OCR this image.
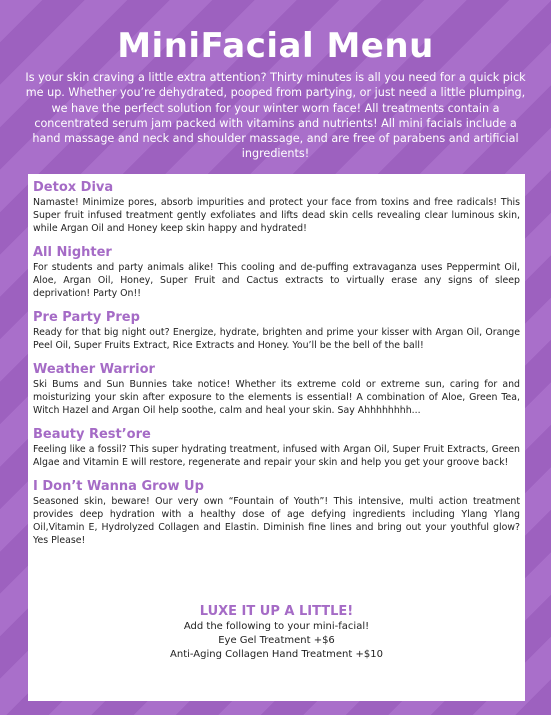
MiniFacial Menu
Is your skin craving a little extra attention? Thirty minutes is all you need for a quick pick me up. Whether you’re dehydrated, pooped from partying, or just need a little plumping, we have the perfect solution for your winter worn face! All treatments contain a concentrated serum jam packed with vitamins and nutrients! All mini facials include a hand massage and neck and shoulder massage, and are free of parabens and artificial ingredients!
Detox Diva
Namaste! Minimize pores, absorb impurities and protect your face from toxins and free radicals! This Super fruit infused treatment gently exfoliates and lifts dead skin cells revealing clear luminous skin, while Argan Oil and Honey keep skin happy and hydrated!
All Nighter
For students and party animals alike! This cooling and de-puffing extravaganza uses Peppermint Oil, Aloe, Argan Oil, Honey, Super Fruit and Cactus extracts to virtually erase any signs of sleep deprivation! Party On!!
Pre Party Prep
Ready for that big night out? Energize, hydrate, brighten and prime your kisser with Argan Oil, Orange Peel Oil, Super Fruits Extract, Rice Extracts and Honey. You’ll be the bell of the ball!
Weather Warrior
Ski Bums and Sun Bunnies take notice! Whether its extreme cold or extreme sun, caring for and moisturizing your skin after exposure to the elements is essential! A combination of Aloe, Green Tea, Witch Hazel and Argan Oil help soothe, calm and heal your skin. Say Ahhhhhhhh...
Beauty Rest’ore
Feeling like a fossil? This super hydrating treatment, infused with Argan Oil, Super Fruit Extracts, Green Algae and Vitamin E will restore, regenerate and repair your skin and help you get your groove back!
I Don’t Wanna Grow Up
Seasoned skin, beware! Our very own “Fountain of Youth”! This intensive, multi action treatment provides deep hydration with a healthy dose of age defying ingredients including Ylang Ylang Oil,Vitamin E, Hydrolyzed Collagen and Elastin. Diminish fine lines and bring out your youthful glow? Yes Please!
LUXE IT UP A LITTLE!
Add the following to your mini-facial!
Eye Gel Treatment +$6
Anti-Aging Collagen Hand Treatment +$10
